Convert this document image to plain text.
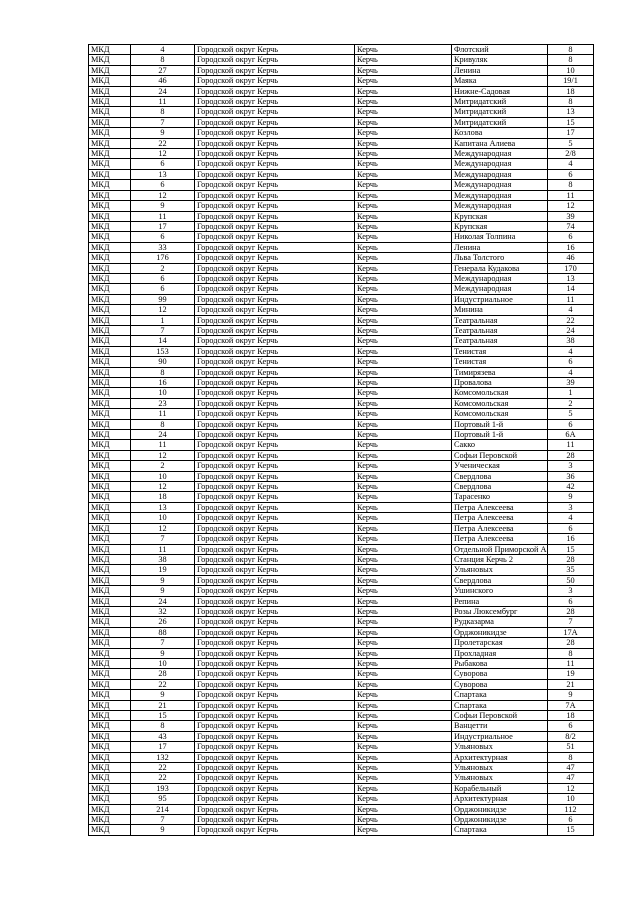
МКД	4	Городской округ Керчь	Керчь	Флотский	8
МКД	8	Городской округ Керчь	Керчь	Кривуляк	8
МКД	27	Городской округ Керчь	Керчь	Ленина	10
МКД	46	Городской округ Керчь	Керчь	Маяка	19/1
МКД	24	Городской округ Керчь	Керчь	Нижне-Садовая	18
МКД	11	Городской округ Керчь	Керчь	Митридатский	8
МКД	8	Городской округ Керчь	Керчь	Митридатский	13
МКД	7	Городской округ Керчь	Керчь	Митридатский	15
МКД	9	Городской округ Керчь	Керчь	Козлова	17
МКД	22	Городской округ Керчь	Керчь	Капитана Алиева	5
МКД	12	Городской округ Керчь	Керчь	Международная	2/8
МКД	6	Городской округ Керчь	Керчь	Международная	4
МКД	13	Городской округ Керчь	Керчь	Международная	6
МКД	6	Городской округ Керчь	Керчь	Международная	8
МКД	12	Городской округ Керчь	Керчь	Международная	11
МКД	9	Городской округ Керчь	Керчь	Международная	12
МКД	11	Городской округ Керчь	Керчь	Крупская	39
МКД	17	Городской округ Керчь	Керчь	Крупская	74
МКД	6	Городской округ Керчь	Керчь	Николая Толпина	6
МКД	33	Городской округ Керчь	Керчь	Ленина	16
МКД	176	Городской округ Керчь	Керчь	Льва Толстого	46
МКД	2	Городской округ Керчь	Керчь	Генерала Кудакова	170
МКД	6	Городской округ Керчь	Керчь	Международная	13
МКД	6	Городской округ Керчь	Керчь	Международная	14
МКД	99	Городской округ Керчь	Керчь	Индустриальное	11
МКД	12	Городской округ Керчь	Керчь	Минина	4
МКД	1	Городской округ Керчь	Керчь	Театральная	22
МКД	7	Городской округ Керчь	Керчь	Театральная	24
МКД	14	Городской округ Керчь	Керчь	Театральная	38
МКД	153	Городской округ Керчь	Керчь	Тенистая	4
МКД	90	Городской округ Керчь	Керчь	Тенистая	6
МКД	8	Городской округ Керчь	Керчь	Тимирязева	4
МКД	16	Городской округ Керчь	Керчь	Провалова	39
МКД	10	Городской округ Керчь	Керчь	Комсомольская	1
МКД	23	Городской округ Керчь	Керчь	Комсомольская	2
МКД	11	Городской округ Керчь	Керчь	Комсомольская	5
МКД	8	Городской округ Керчь	Керчь	Портовый 1-й	6
МКД	24	Городской округ Керчь	Керчь	Портовый 1-й	6А
МКД	11	Городской округ Керчь	Керчь	Сакко	11
МКД	12	Городской округ Керчь	Керчь	Софьи Перовской	28
МКД	2	Городской округ Керчь	Керчь	Ученическая	3
МКД	10	Городской округ Керчь	Керчь	Свердлова	36
МКД	12	Городской округ Керчь	Керчь	Свердлова	42
МКД	18	Городской округ Керчь	Керчь	Тарасенко	9
МКД	13	Городской округ Керчь	Керчь	Петра Алексеева	3
МКД	10	Городской округ Керчь	Керчь	Петра Алексеева	4
МКД	12	Городской округ Керчь	Керчь	Петра Алексеева	6
МКД	7	Городской округ Керчь	Керчь	Петра Алексеева	16
МКД	11	Городской округ Керчь	Керчь	Отдельной Приморской А	15
МКД	38	Городской округ Керчь	Керчь	Станция Керчь 2	28
МКД	19	Городской округ Керчь	Керчь	Ульяновых	35
МКД	9	Городской округ Керчь	Керчь	Свердлова	50
МКД	9	Городской округ Керчь	Керчь	Ушинского	3
МКД	24	Городской округ Керчь	Керчь	Репина	6
МКД	32	Городской округ Керчь	Керчь	Розы Люксембург	28
МКД	26	Городской округ Керчь	Керчь	Рудказарма	7
МКД	88	Городской округ Керчь	Керчь	Орджоникидзе	17А
МКД	7	Городской округ Керчь	Керчь	Пролетарская	28
МКД	9	Городской округ Керчь	Керчь	Прохладная	8
МКД	10	Городской округ Керчь	Керчь	Рыбакова	11
МКД	28	Городской округ Керчь	Керчь	Суворова	19
МКД	22	Городской округ Керчь	Керчь	Суворова	21
МКД	9	Городской округ Керчь	Керчь	Спартака	9
МКД	21	Городской округ Керчь	Керчь	Спартака	7А
МКД	15	Городской округ Керчь	Керчь	Софьи Перовской	18
МКД	8	Городской округ Керчь	Керчь	Ванцетти	6
МКД	43	Городской округ Керчь	Керчь	Индустриальное	8/2
МКД	17	Городской округ Керчь	Керчь	Ульяновых	51
МКД	132	Городской округ Керчь	Керчь	Архитектурная	8
МКД	22	Городской округ Керчь	Керчь	Ульяновых	47
МКД	22	Городской округ Керчь	Керчь	Ульяновых	47
МКД	193	Городской округ Керчь	Керчь	Корабельный	12
МКД	95	Городской округ Керчь	Керчь	Архитектурная	10
МКД	214	Городской округ Керчь	Керчь	Орджоникидзе	112
МКД	7	Городской округ Керчь	Керчь	Орджоникидзе	6
МКД	9	Городской округ Керчь	Керчь	Спартака	15
